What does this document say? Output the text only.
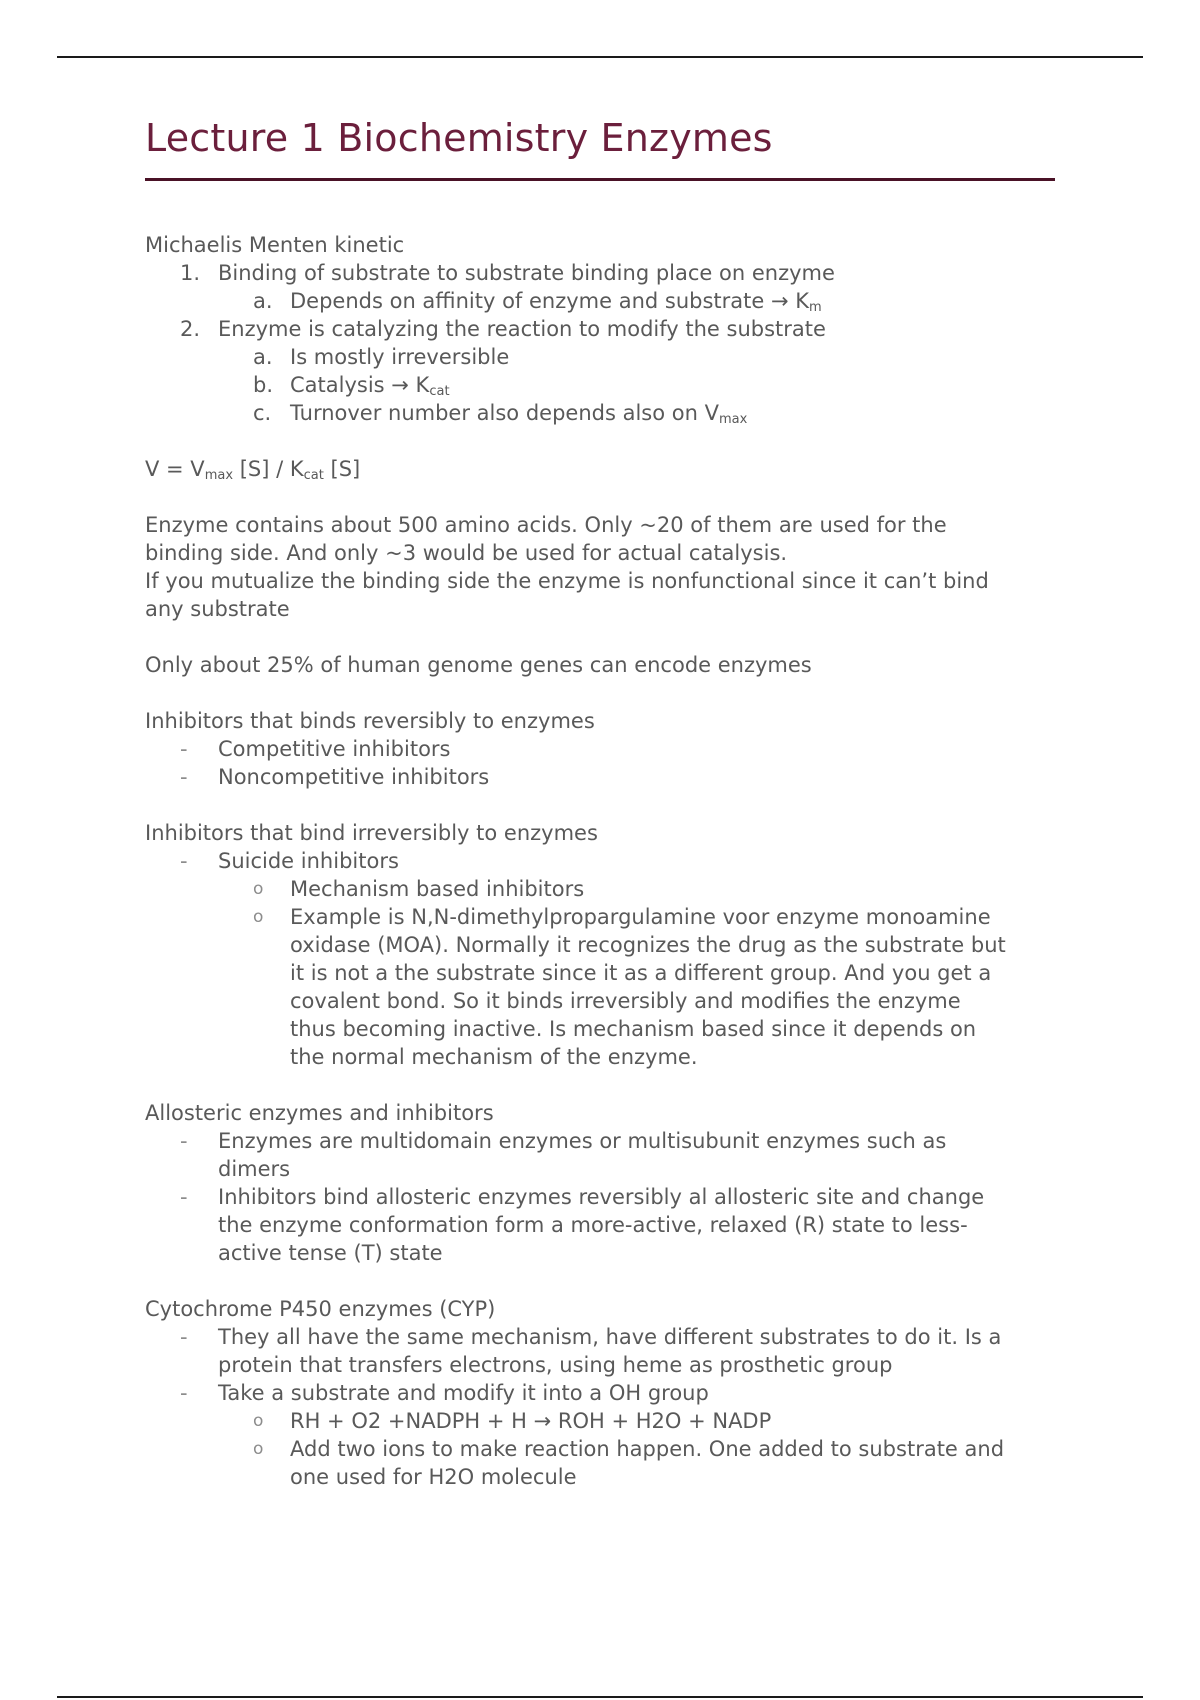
Lecture 1 Biochemistry Enzymes

Michaelis Menten kinetic

1. Binding of substrate to substrate binding place on enzyme
a. Depends on affinity of enzyme and substrate → $K_m$
2. Enzyme is catalyzing the reaction to modify the substrate
a. Is mostly irreversible
b. Catalysis → $K_{cat}$
c. Turnover number also depends also on $V_{max}$

$V = V_{max}$ $[S] / K_{cat}$ [S]

Enzyme contains about 500 amino acids. Only ~20 of them are used for the

binding side. And only ~3 would be used for actual catalysis.

If you mutualize the binding side the enzyme is nonfunctional since it can’t bind

any substrate

Only about 25% of human genome genes can encode enzymes

Inhibitors that binds reversibly to enzymes

- Competitive inhibitors
- Noncompetitive inhibitors

Inhibitors that bind irreversibly to enzymes

- Suicide inhibitors
o Mechanism based inhibitors
o Example is N,N-dimethylpropargulamine voor enzyme monoamine
oxidase (MOA). Normally it recognizes the drug as the substrate but
it is not a the substrate since it as a different group. And you get a
covalent bond. So it binds irreversibly and modifies the enzyme
thus becoming inactive. Is mechanism based since it depends on
the normal mechanism of the enzyme.

Allosteric enzymes and inhibitors

- Enzymes are multidomain enzymes or multisubunit enzymes such as
dimers
- Inhibitors bind allosteric enzymes reversibly al allosteric site and change
the enzyme conformation form a more-active, relaxed (R) state to less-
active tense (T) state

Cytochrome P450 enzymes (CYP)

- They all have the same mechanism, have different substrates to do it. Is a
protein that transfers electrons, using heme as prosthetic group
- Take a substrate and modify it into a OH group
o RH + O2 +NADPH + H → ROH + H2O + NADP
o Add two ions to make reaction happen. One added to substrate and
one used for H2O molecule
